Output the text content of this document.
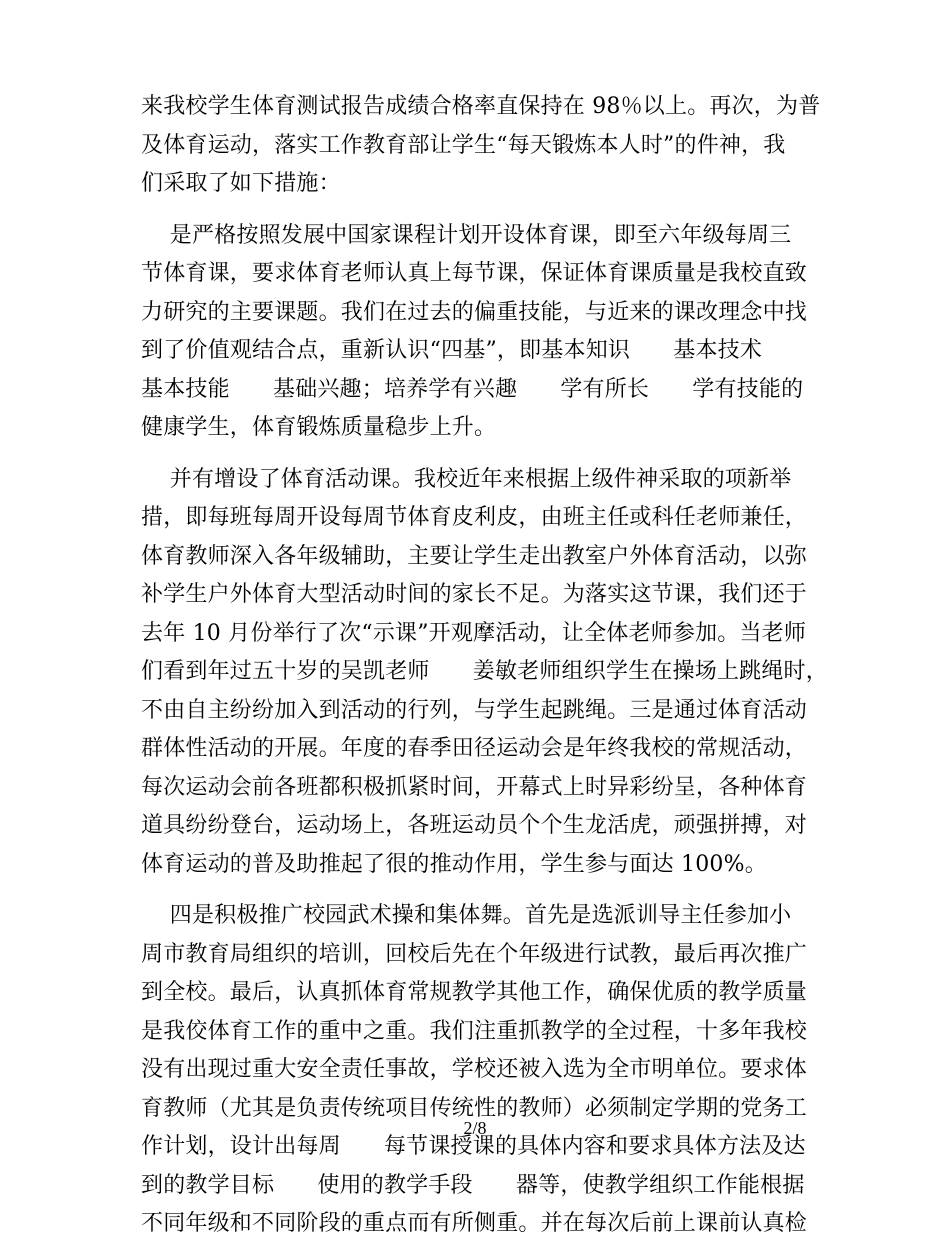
来我校学生体育测试报告成绩合格率直保持在 98％以上。再次，为普
及体育运动，落实工作教育部让学生“每天锻炼本人时”的件神，我
们采取了如下措施：
是严格按照发展中国家课程计划开设体育课，即至六年级每周三
节体育课，要求体育老师认真上每节课，保证体育课质量是我校直致
力研究的主要课题。我们在过去的偏重技能，与近来的课改理念中找
到了价值观结合点，重新认识“四基”，即基本知识      基本技术
基本技能      基础兴趣；培养学有兴趣      学有所长      学有技能的
健康学生，体育锻炼质量稳步上升。
并有增设了体育活动课。我校近年来根据上级件神采取的项新举
措，即每班每周开设每周节体育皮利皮，由班主任或科任老师兼任，
体育教师深入各年级辅助，主要让学生走出教室户外体育活动，以弥
补学生户外体育大型活动时间的家长不足。为落实这节课，我们还于
去年 10 月份举行了次“示课”开观摩活动，让全体老师参加。当老师
们看到年过五十岁的吴凯老师      姜敏老师组织学生在操场上跳绳时，
不由自主纷纷加入到活动的行列，与学生起跳绳。三是通过体育活动
群体性活动的开展。年度的春季田径运动会是年终我校的常规活动，
每次运动会前各班都积极抓紧时间，开幕式上时异彩纷呈，各种体育
道具纷纷登台，运动场上，各班运动员个个生龙活虎，顽强拼搏，对
体育运动的普及助推起了很的推动作用，学生参与面达 100%。
四是积极推广校园武术操和集体舞。首先是选派训导主任参加小
周市教育局组织的培训，回校后先在个年级进行试教，最后再次推广
到全校。最后，认真抓体育常规教学其他工作，确保优质的教学质量
是我佼体育工作的重中之重。我们注重抓教学的全过程，十多年我校
没有出现过重大安全责任事故，学校还被入选为全市明单位。要求体
育教师（尤其是负责传统项目传统性的教师）必须制定学期的党务工
作计划，设计出每周      每节课授课的具体内容和要求具体方法及达
到的教学目标      使用的教学手段      器等，使教学组织工作能根据
不同年级和不同阶段的重点而有所侧重。并在每次后前上课前认真检
2/8
